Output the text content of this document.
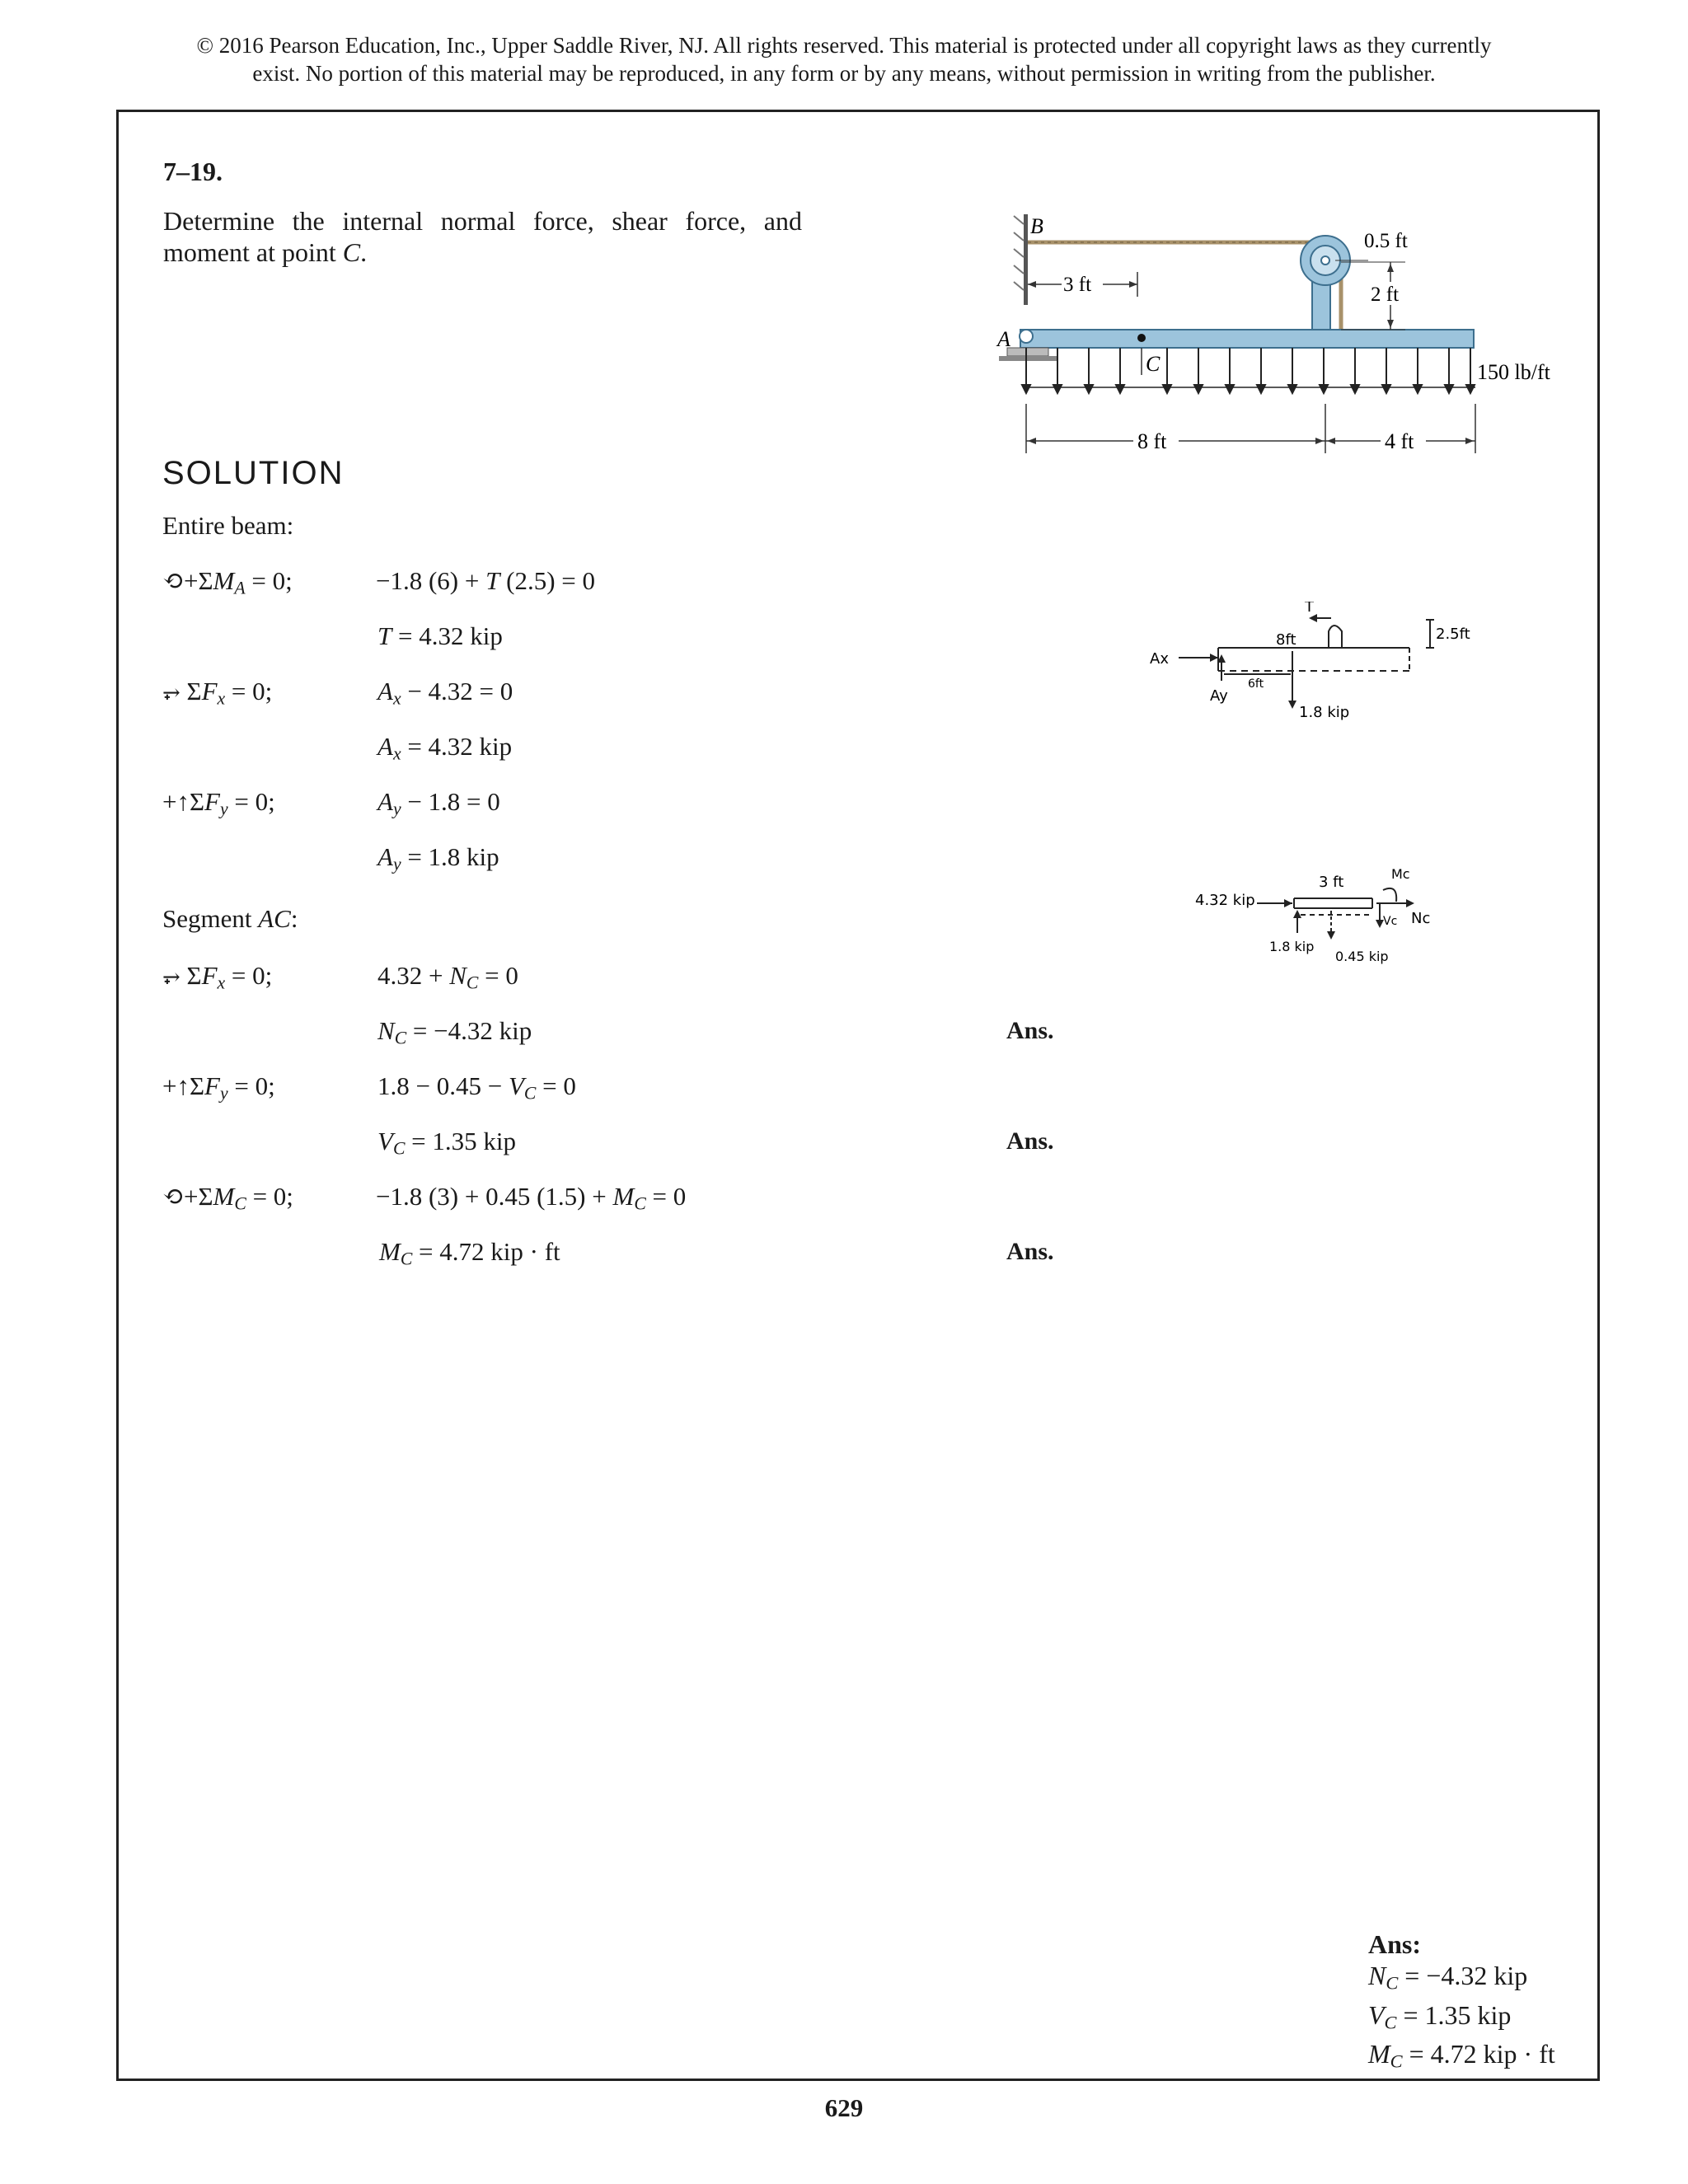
© 2016 Pearson Education, Inc., Upper Saddle River, NJ. All rights reserved. This material is protected under all copyright laws as they currently
exist. No portion of this material may be reproduced, in any form or by any means, without permission in writing from the publisher.
7–19.
Determine the internal normal force, shear force, and moment at point C.
SOLUTION
Entire beam:
$⟲+\Sigma M_A = 0$;	−1.8 (6) + T (2.5) = 0
T = 4.32 kip
⥅ $\Sigma F_x = 0$;	$A_x - 4.32 = 0$
$A_x = 4.32$ kip
$+↑\Sigma F_y = 0$;	$A_y - 1.8 = 0$
$A_y = 1.8$ kip
Segment AC:
⥅ $\Sigma F_x = 0$;	$4.32 + N_C = 0$
$N_C = -4.32$ kip	Ans.
$+↑\Sigma F_y = 0$;	$1.8 - 0.45 - V_C = 0$
$V_C = 1.35$ kip	Ans.
$⟲+\Sigma M_C = 0$;	−1.8 (3) + 0.45 $(1.5) + M_C = 0$
$M_C = 4.72$ kip · ft	Ans.
Ans:
$N_C = -4.32$ kip
$V_C = 1.35$ kip
$M_C = 4.72$ kip · ft
B
A
C	150 lb/ft
3 ft
0.5 ft
2 ft
8 ft	4 ft
T
Ax
Ay
8ft	2.5ft
6ft
1.8 kip
4.32 kip
3 ft	Mc
Vc Nc
1.8 kip
0.45 kip
629
